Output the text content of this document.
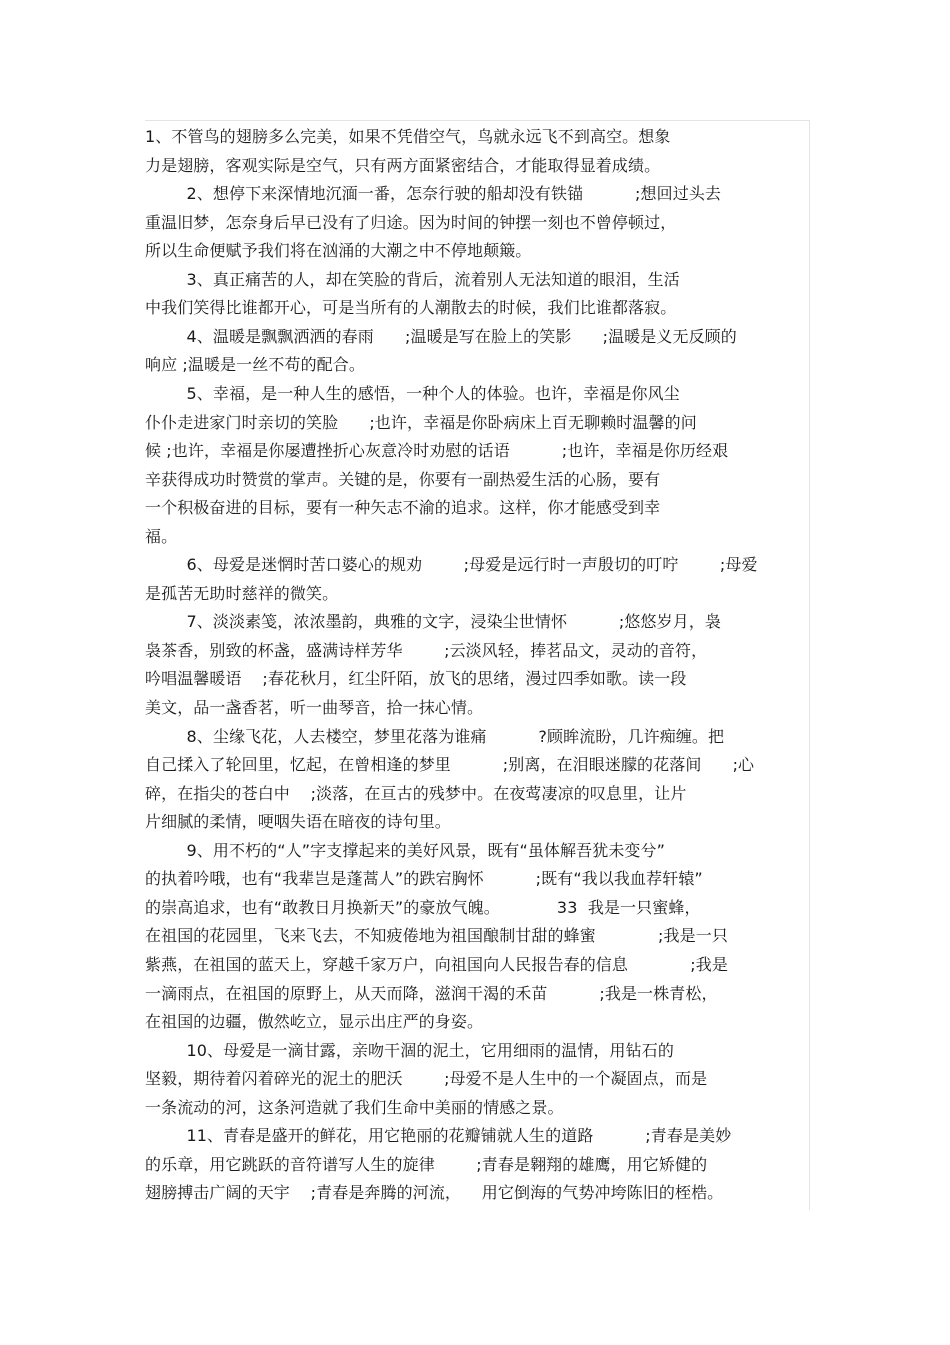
1、不管鸟的翅膀多么完美，如果不凭借空气，鸟就永远飞不到高空。想象
力是翅膀，客观实际是空气，只有两方面紧密结合，才能取得显着成绩。
2、想停下来深情地沉湎一番，怎奈行驶的船却没有铁锚          ;想回过头去
重温旧梦，怎奈身后早已没有了归途。因为时间的钟摆一刻也不曾停顿过，
所以生命便赋予我们将在汹涌的大潮之中不停地颠簸。
3、真正痛苦的人，却在笑脸的背后，流着别人无法知道的眼泪，生活
中我们笑得比谁都开心，可是当所有的人潮散去的时候，我们比谁都落寂。
4、温暖是飘飘洒洒的春雨      ;温暖是写在脸上的笑影      ;温暖是义无反顾的
响应 ;温暖是一丝不苟的配合。
5、幸福，是一种人生的感悟，一种个人的体验。也许，幸福是你风尘
仆仆走进家门时亲切的笑脸      ;也许，幸福是你卧病床上百无聊赖时温馨的问
候 ;也许，幸福是你屡遭挫折心灰意冷时劝慰的话语          ;也许，幸福是你历经艰
辛获得成功时赞赏的掌声。关键的是，你要有一副热爱生活的心肠，要有
一个积极奋进的目标，要有一种矢志不渝的追求。这样，你才能感受到幸
福。
6、母爱是迷惘时苦口婆心的规劝        ;母爱是远行时一声殷切的叮咛        ;母爱
是孤苦无助时慈祥的微笑。
7、淡淡素笺，浓浓墨韵，典雅的文字，浸染尘世情怀          ;悠悠岁月，袅
袅茶香，别致的杯盏，盛满诗样芳华        ;云淡风轻，捧茗品文，灵动的音符，
吟唱温馨暖语    ;春花秋月，红尘阡陌，放飞的思绪，漫过四季如歌。读一段
美文，品一盏香茗，听一曲琴音，拾一抹心情。
8、尘缘飞花，人去楼空，梦里花落为谁痛          ?顾眸流盼，几许痴缠。把
自己揉入了轮回里，忆起，在曾相逢的梦里          ;别离，在泪眼迷朦的花落间      ;心
碎，在指尖的苍白中    ;淡落，在亘古的残梦中。在夜莺凄凉的叹息里，让片
片细腻的柔情，哽咽失语在暗夜的诗句里。
9、用不朽的“人”字支撑起来的美好风景，既有“虽体解吾犹未变兮”
的执着吟哦，也有“我辈岂是蓬蒿人”的跌宕胸怀          ;既有“我以我血荐轩辕”
的崇高追求，也有“敢教日月换新天”的豪放气魄。           33  我是一只蜜蜂，
在祖国的花园里，飞来飞去，不知疲倦地为祖国酿制甘甜的蜂蜜            ;我是一只
紫燕，在祖国的蓝天上，穿越千家万户，向祖国向人民报告春的信息            ;我是
一滴雨点，在祖国的原野上，从天而降，滋润干渴的禾苗          ;我是一株青松，
在祖国的边疆，傲然屹立，显示出庄严的身姿。
10、母爱是一滴甘露，亲吻干涸的泥土，它用细雨的温情，用钻石的
坚毅，期待着闪着碎光的泥土的肥沃        ;母爱不是人生中的一个凝固点，而是
一条流动的河，这条河造就了我们生命中美丽的情感之景。
11、青春是盛开的鲜花，用它艳丽的花瓣铺就人生的道路          ;青春是美妙
的乐章，用它跳跃的音符谱写人生的旋律        ;青春是翱翔的雄鹰，用它矫健的
翅膀搏击广阔的天宇    ;青春是奔腾的河流，    用它倒海的气势冲垮陈旧的桎梏。
